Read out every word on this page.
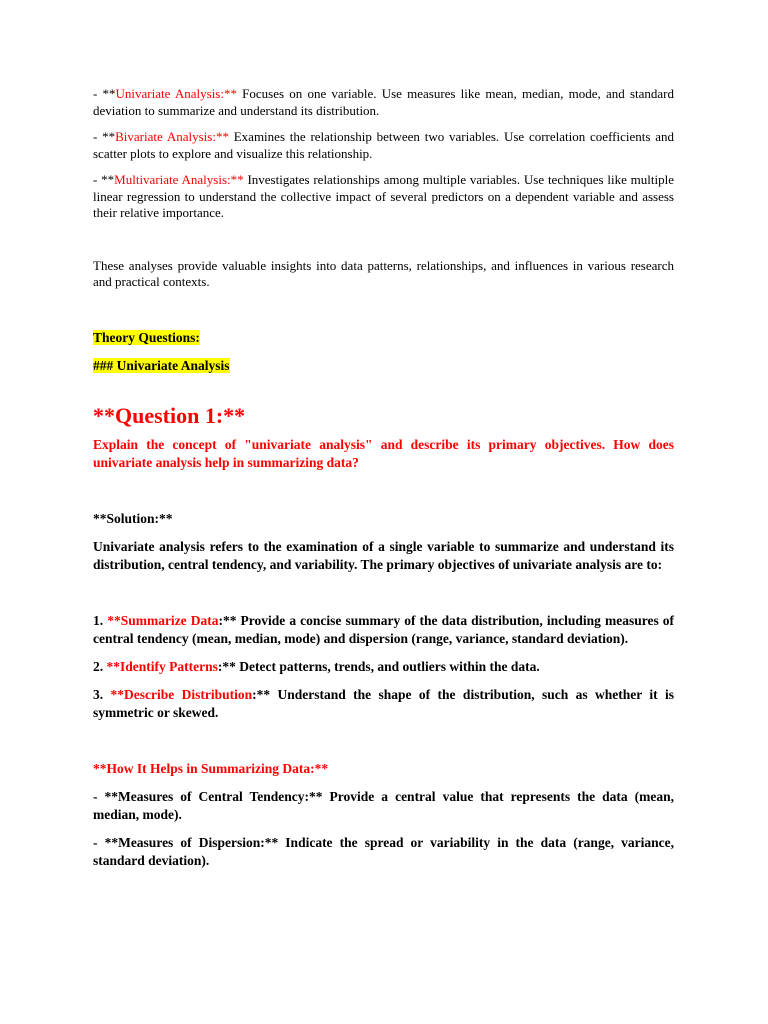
- **Univariate Analysis:** Focuses on one variable. Use measures like mean, median, mode, and standard deviation to summarize and understand its distribution.

- **Bivariate Analysis:** Examines the relationship between two variables. Use correlation coefficients and scatter plots to explore and visualize this relationship.

- **Multivariate Analysis:** Investigates relationships among multiple variables. Use techniques like multiple linear regression to understand the collective impact of several predictors on a dependent variable and assess their relative importance.

These analyses provide valuable insights into data patterns, relationships, and influences in various research and practical contexts.

Theory Questions:

### Univariate Analysis

**Question 1:**

Explain the concept of "univariate analysis" and describe its primary objectives. How does univariate analysis help in summarizing data?

**Solution:**

Univariate analysis refers to the examination of a single variable to summarize and understand its distribution, central tendency, and variability. The primary objectives of univariate analysis are to:

1. **Summarize Data:** Provide a concise summary of the data distribution, including measures of central tendency (mean, median, mode) and dispersion (range, variance, standard deviation).

2. **Identify Patterns:** Detect patterns, trends, and outliers within the data.

3. **Describe Distribution:** Understand the shape of the distribution, such as whether it is symmetric or skewed.

**How It Helps in Summarizing Data:**

- **Measures of Central Tendency:** Provide a central value that represents the data (mean, median, mode).

- **Measures of Dispersion:** Indicate the spread or variability in the data (range, variance, standard deviation).
